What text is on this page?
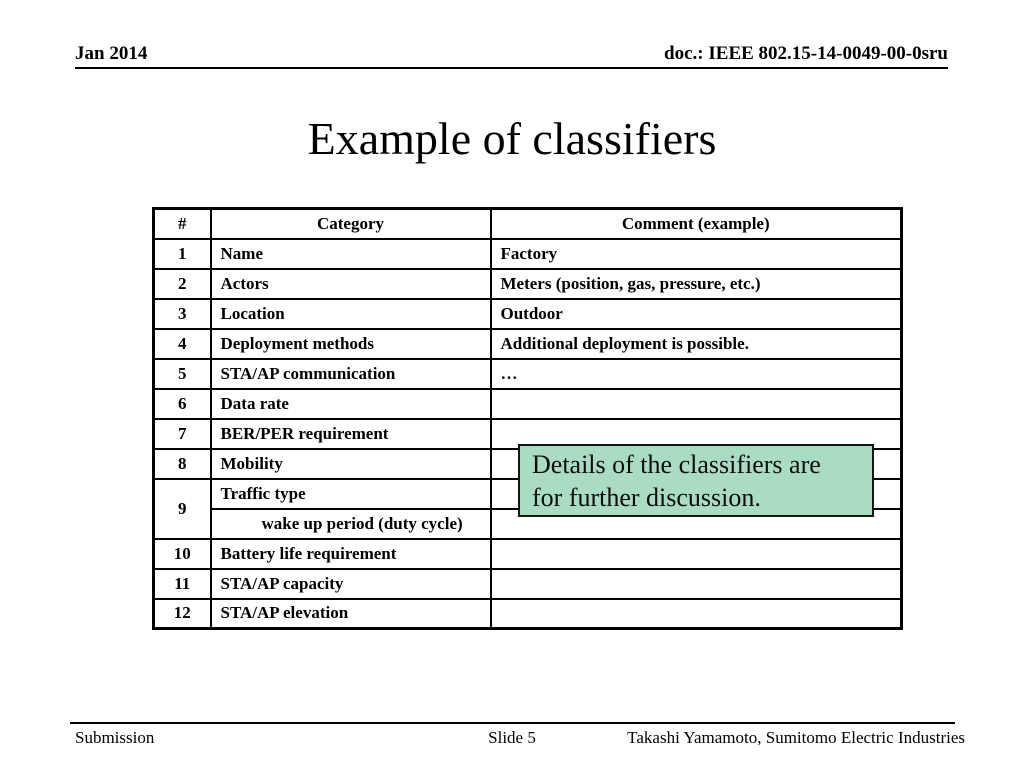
Jan 2014	doc.: IEEE 802.15-14-0049-00-0sru
Example of classifiers
#	Category	Comment (example)
1	Name	Factory
2	Actors	Meters (position, gas, pressure, etc.)
3	Location	Outdoor
4	Deployment methods	Additional deployment is possible.
5	STA/AP communication	…
6	Data rate	
7	BER/PER requirement	
8	Mobility	
9	Traffic type	
	wake up period (duty cycle)	
10	Battery life requirement	
11	STA/AP capacity	
12	STA/AP elevation	
Details of the classifiers are
for further discussion.
Submission	Slide 5	Takashi Yamamoto, Sumitomo Electric Industries
